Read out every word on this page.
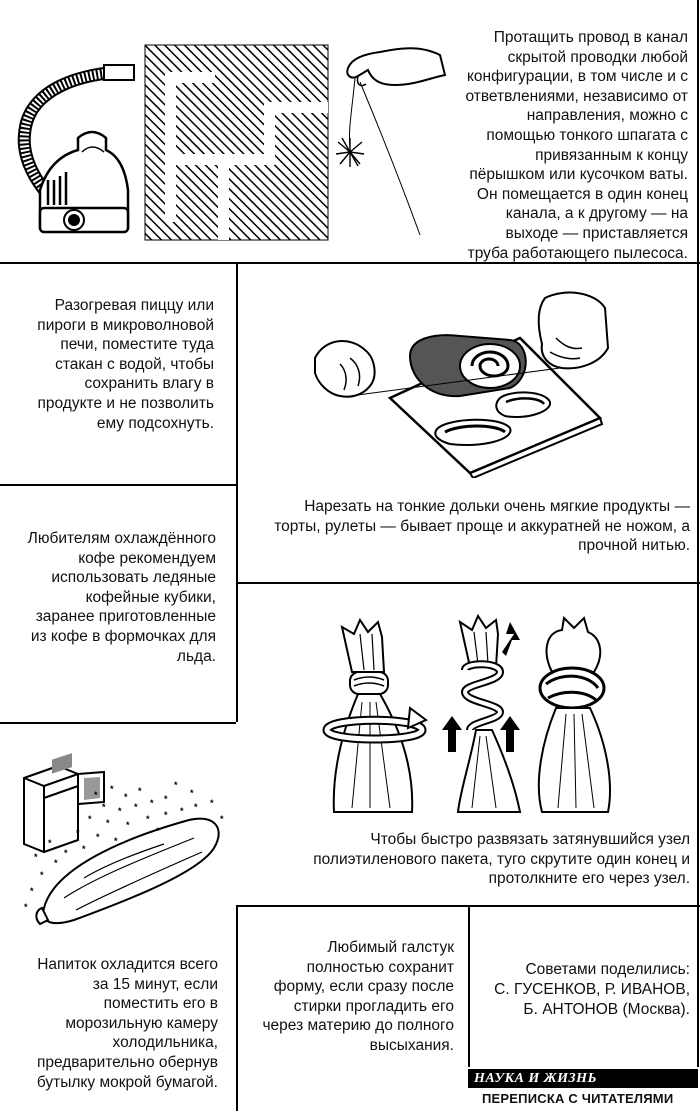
Протащить провод в канал скрытой проводки любой конфигурации, в том числе и с ответвлениями, независимо от направления, можно с помощью тонкого шпагата с привязанным к концу пёрышком или кусочком ваты. Он помещается в один конец канала, а к другому — на выходе — приставляется труба работающего пылесоса.
Разогревая пиццу или пироги в микроволновой печи, поместите туда стакан с водой, чтобы сохранить влагу в продукте и не позволить ему подсохнуть.
Нарезать на тонкие дольки очень мягкие продукты — торты, рулеты — бывает проще и аккуратней не ножом, а прочной нитью.
Любителям охлаждённого кофе рекомендуем использовать ледяные кофейные кубики, заранее приготовленные из кофе в формочках для льда.
Чтобы быстро развязать затянувшийся узел полиэтиленового пакета, туго скрутите один конец и протолкните его через узел.
*
*
*
*
* * * * *
* * *
* * *
* * *
*
*
*
* *
*
* *
*
*
*
*
*
*
Напиток охладится всего за 15 минут, если поместить его в морозильную камеру холодильника, предварительно обернув бутылку мокрой бумагой.
Любимый галстук полностью сохранит форму, если сразу после стирки прогладить его через материю до полного высыхания.
Советами поделились:
С. ГУСЕНКОВ, Р. ИВАНОВ, Б. АНТОНОВ (Москва).
НАУКА И ЖИЗНЬ
ПЕРЕПИСКА С ЧИТАТЕЛЯМИ
